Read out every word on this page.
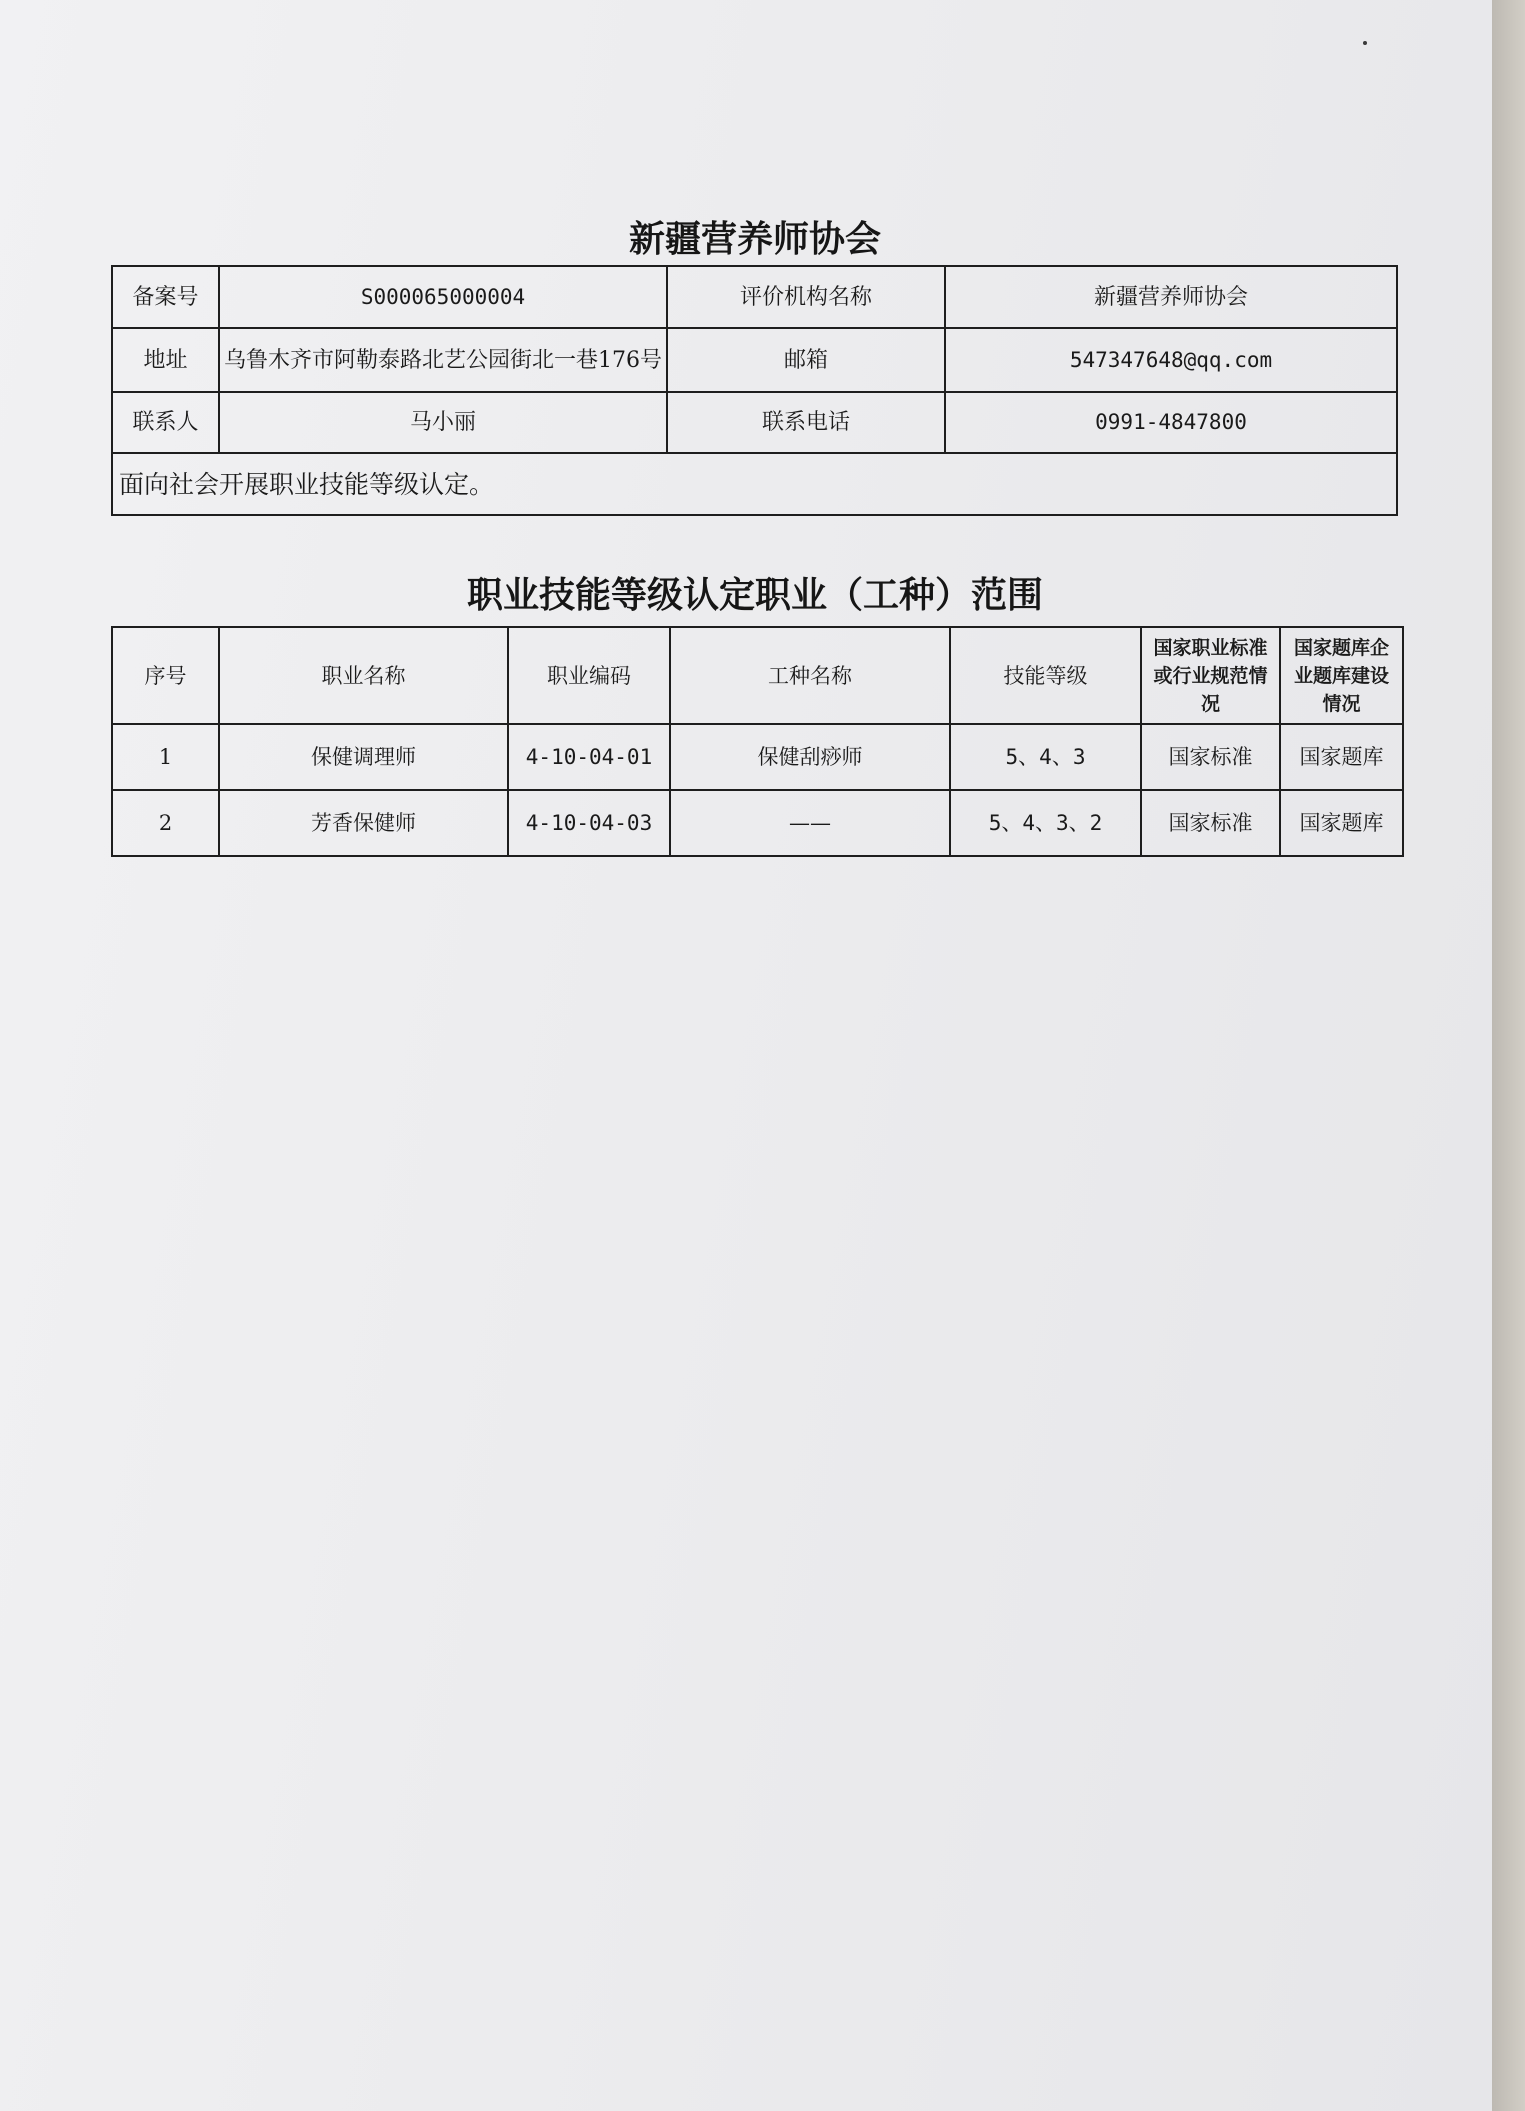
新疆营养师协会
备案号	S000065000004	评价机构名称	新疆营养师协会
地址	乌鲁木齐市阿勒泰路北艺公园街北一巷176号	邮箱	547347648@qq.com
联系人	马小丽	联系电话	0991-4847800
面向社会开展职业技能等级认定。			
职业技能等级认定职业（工种）范围
序号	职业名称	职业编码	工种名称	技能等级	国家职业标准或行业规范情况	国家题库企业题库建设情况
1	保健调理师	4-10-04-01	保健刮痧师	5、4、3	国家标准	国家题库
2	芳香保健师	4-10-04-03	——	5、4、3、2	国家标准	国家题库
